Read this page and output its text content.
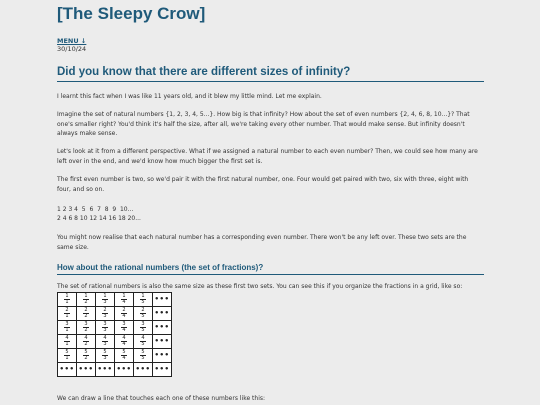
[The Sleepy Crow]
MENU ↓
30/10/24
Did you know that there are different sizes of infinity?

I learnt this fact when I was like 11 years old, and it blew my little mind. Let me explain.

Imagine the set of natural numbers {1, 2, 3, 4, 5...}. How big is that infinity? How about the set of even numbers {2, 4, 6, 8, 10...}? That one's smaller right? You'd think it's half the size, after all, we're taking every other number. That would make sense. But infinity doesn't always make sense.

Let's look at it from a different perspective. What if we assigned a natural number to each even number? Then, we could see how many are left over in the end, and we'd know how much bigger the first set is.

The first even number is two, so we'd pair it with the first natural number, one. Four would get paired with two, six with three, eight with four, and so on.

1 2 3 4  5  6  7  8  9  10...
2 4 6 8 10 12 14 16 18 20...

You might now realise that each natural number has a corresponding even number. There won't be any left over. These two sets are the same size.

How about the rational numbers (the set of fractions)?

The set of rational numbers is also the same size as these first two sets. You can see this if you organize the fractions in a grid, like so:

$\frac{1}{1}$	$\frac{1}{2}$	$\frac{1}{3}$	$\frac{1}{4}$	$\frac{1}{5}$	•••

$\frac{2}{1}$	$\frac{2}{2}$	$\frac{2}{3}$	$\frac{2}{4}$	$\frac{2}{5}$	•••

$\frac{3}{1}$	$\frac{3}{2}$	$\frac{3}{3}$	$\frac{3}{4}$	$\frac{3}{5}$	•••

$\frac{4}{1}$	$\frac{4}{2}$	$\frac{4}{3}$	$\frac{4}{4}$	$\frac{4}{5}$	•••

$\frac{5}{1}$	$\frac{5}{2}$	$\frac{5}{3}$	$\frac{5}{4}$	$\frac{5}{5}$	•••
•••	•••	•••	•••	•••	•••

We can draw a line that touches each one of these numbers like this:
